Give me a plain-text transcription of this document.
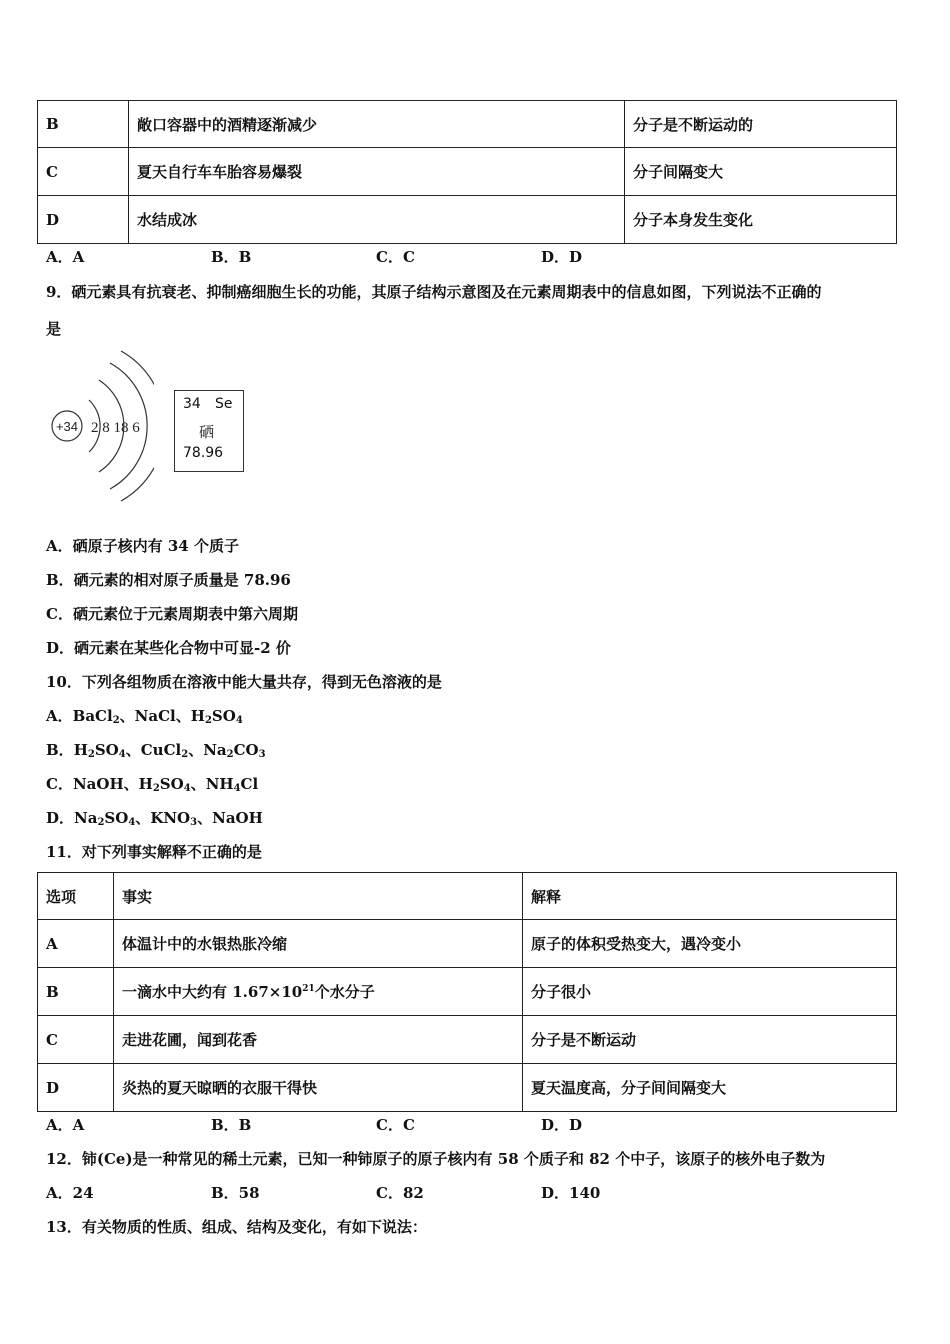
B	敞口容器中的酒精逐渐减少	分子是不断运动的
C	夏天自行车车胎容易爆裂	分子间隔变大
D	水结成冰	分子本身发生变化
A．A	B．B	C．C	D．D
9．硒元素具有抗衰老、抑制癌细胞生长的功能，其原子结构示意图及在元素周期表中的信息如图，下列说法不正确的
是
+34 2 8 18 6
34 Se
硒
78.96
A．硒原子核内有 34 个质子
B．硒元素的相对原子质量是 78.96
C．硒元素位于元素周期表中第六周期
D．硒元素在某些化合物中可显-2 价
10．下列各组物质在溶液中能大量共存，得到无色溶液的是
A．BaCl$_2$、NaCl、$H_2SO_4$
B．$H_2SO_4$、CuCl$_2$、$Na_2CO_3$
C．NaOH、$H_2SO_4$、$NH_4Cl$
D．$Na_2SO_4$、$KNO_3$、NaOH
11．对下列事实解释不正确的是
选项	事实	解释
A	体温计中的水银热胀冷缩	原子的体积受热变大，遇冷变小
B	一滴水中大约有 $1.67\times 10^{21}$个水分子	分子很小
C	走进花圃，闻到花香	分子是不断运动
D	炎热的夏天晾晒的衣服干得快	夏天温度高，分子间间隔变大
A．A	B．B	C．C	D．D
12．铈(Ce)是一种常见的稀土元素，已知一种铈原子的原子核内有 58 个质子和 82 个中子，该原子的核外电子数为
A．24	B．58	C．82	D．140
13．有关物质的性质、组成、结构及变化，有如下说法：
